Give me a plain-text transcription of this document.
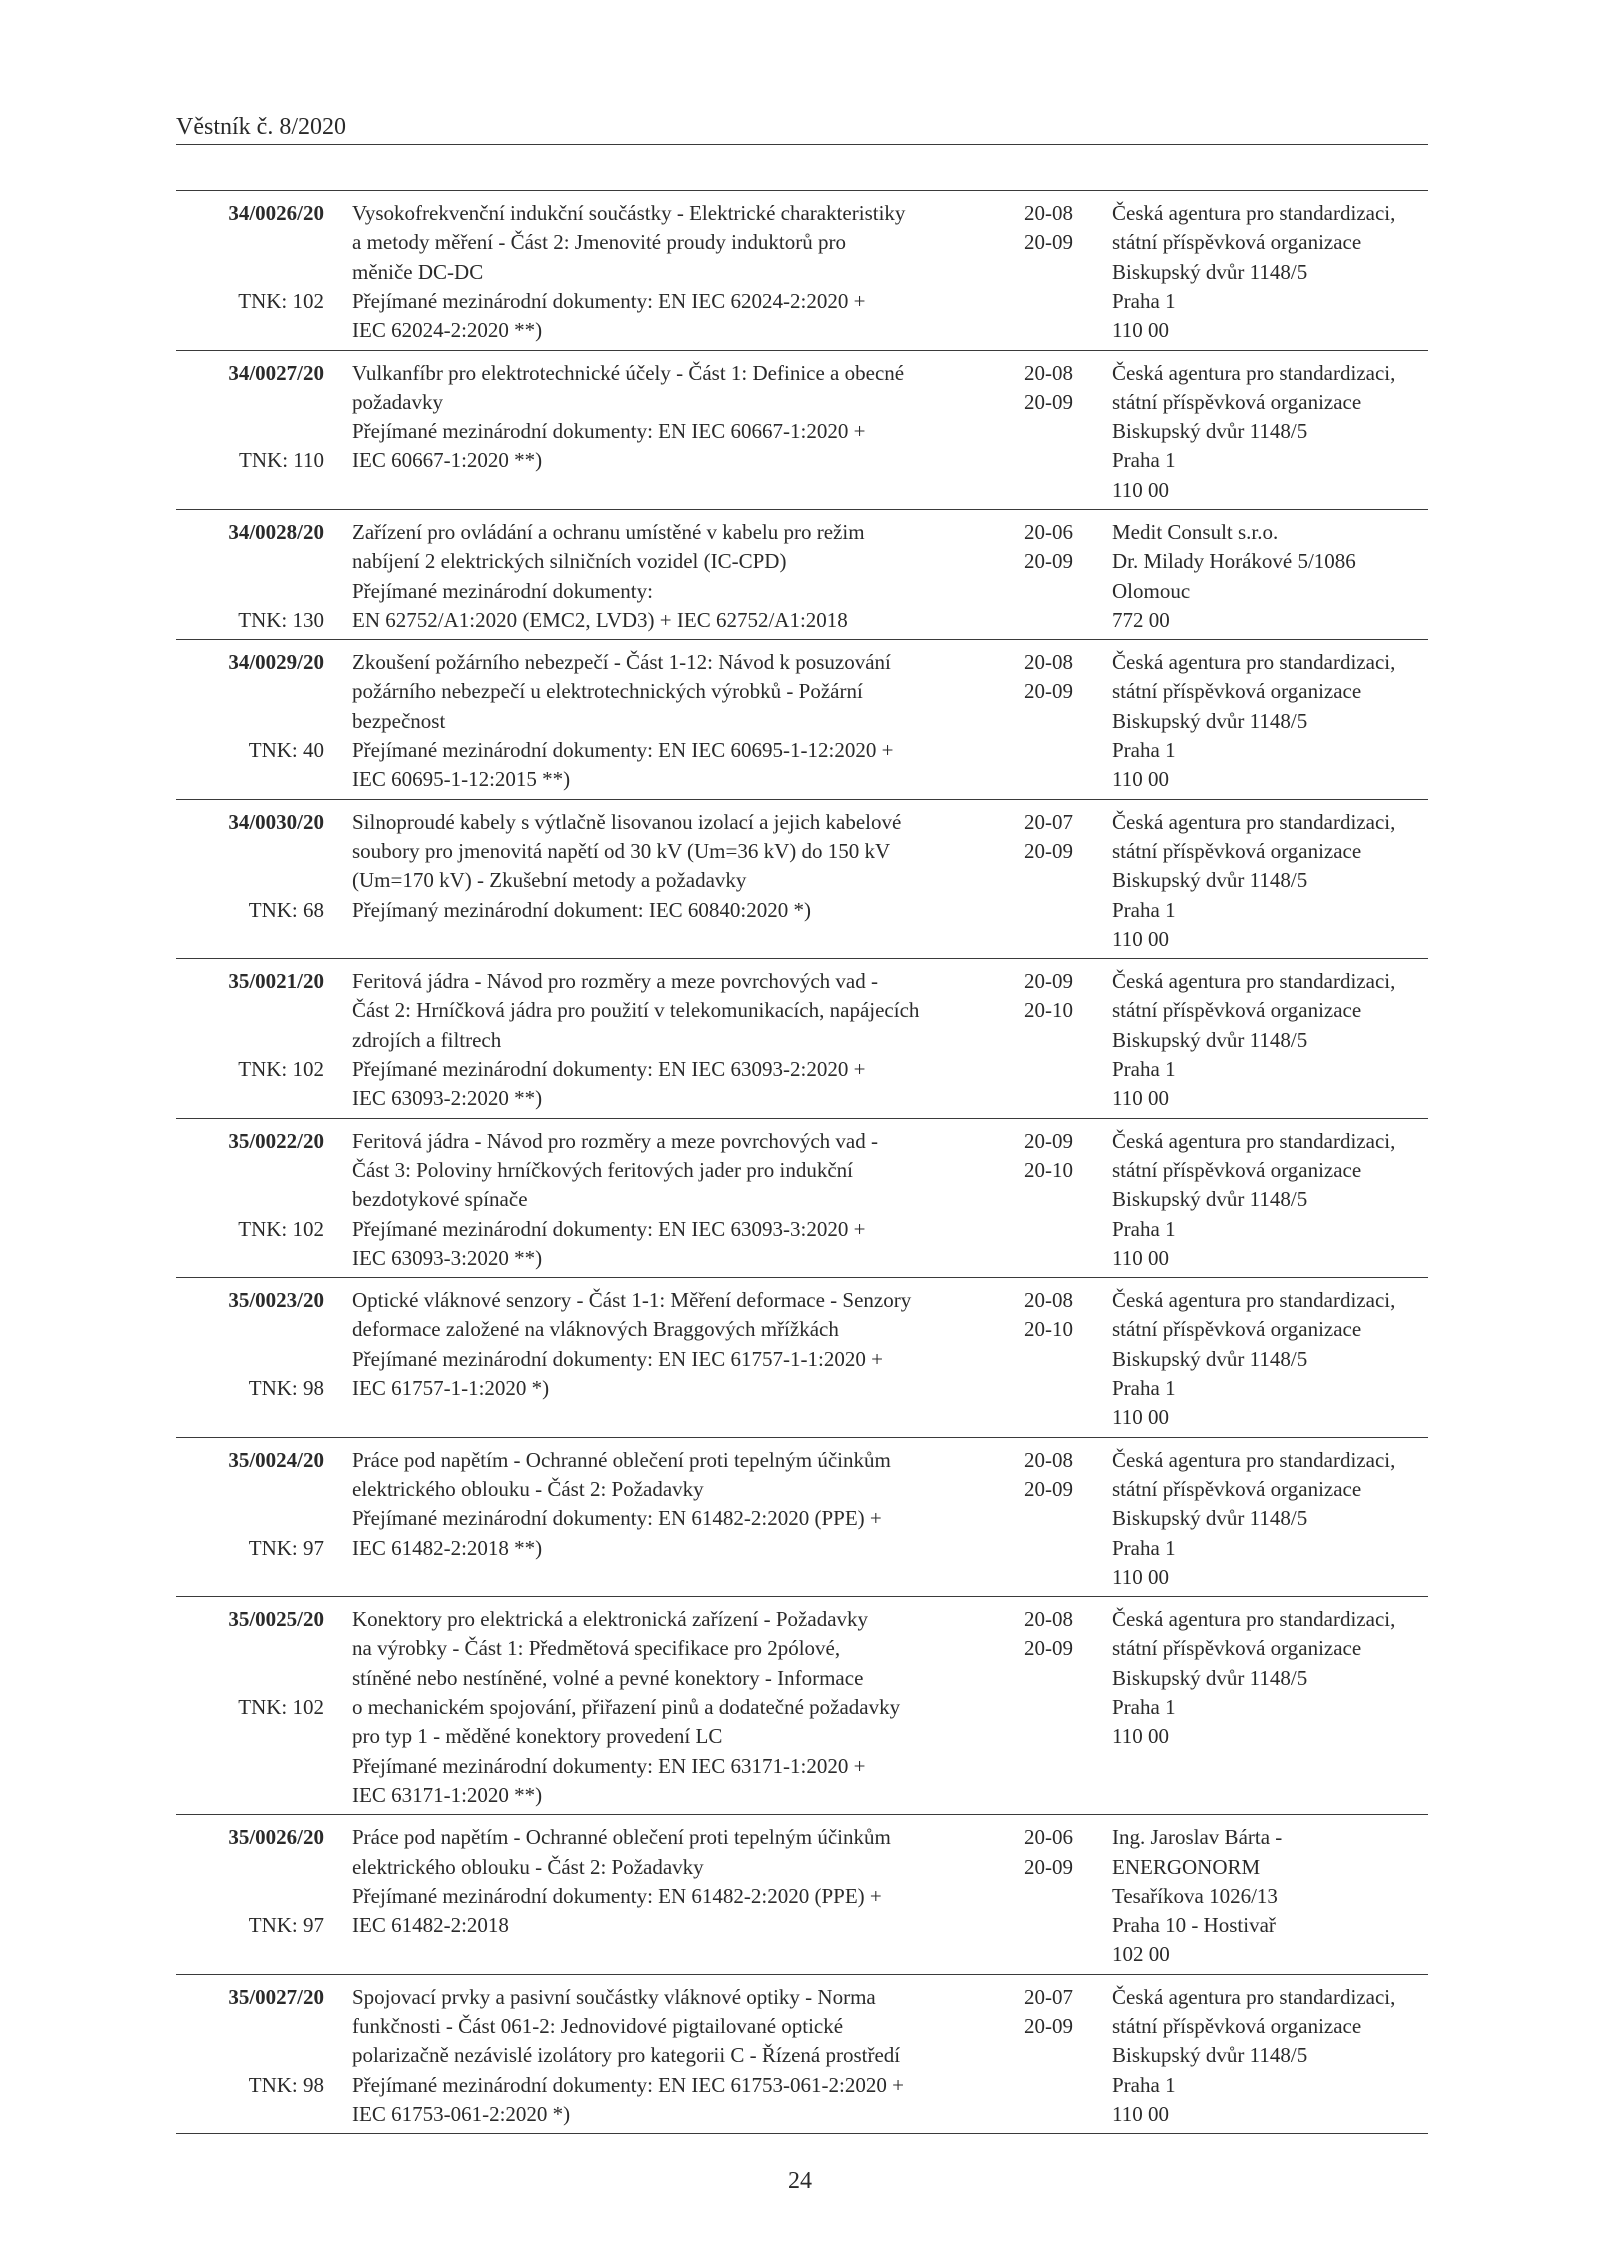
Věstník č. 8/2020
34/0026/20
TNK: 102
Vysokofrekvenční indukční součástky - Elektrické charakteristiky
a metody měření - Část 2: Jmenovité proudy induktorů pro
měniče DC-DC
Přejímané mezinárodní dokumenty: EN IEC 62024-2:2020 +
IEC 62024-2:2020 **)
20-08
20-09
Česká agentura pro standardizaci,
státní příspěvková organizace
Biskupský dvůr 1148/5
Praha 1
110 00
34/0027/20
TNK: 110
Vulkanfíbr pro elektrotechnické účely - Část 1: Definice a obecné
požadavky
Přejímané mezinárodní dokumenty: EN IEC 60667-1:2020 +
IEC 60667-1:2020 **)
20-08
20-09
Česká agentura pro standardizaci,
státní příspěvková organizace
Biskupský dvůr 1148/5
Praha 1
110 00
34/0028/20
TNK: 130
Zařízení pro ovládání a ochranu umístěné v kabelu pro režim
nabíjení 2 elektrických silničních vozidel (IC-CPD)
Přejímané mezinárodní dokumenty:
EN 62752/A1:2020 (EMC2, LVD3) + IEC 62752/A1:2018
20-06
20-09
Medit Consult s.r.o.
Dr. Milady Horákové 5/1086
Olomouc
772 00
34/0029/20
TNK: 40
Zkoušení požárního nebezpečí - Část 1-12: Návod k posuzování
požárního nebezpečí u elektrotechnických výrobků - Požární
bezpečnost
Přejímané mezinárodní dokumenty: EN IEC 60695-1-12:2020 +
IEC 60695-1-12:2015 **)
20-08
20-09
Česká agentura pro standardizaci,
státní příspěvková organizace
Biskupský dvůr 1148/5
Praha 1
110 00
34/0030/20
TNK: 68
Silnoproudé kabely s výtlačně lisovanou izolací a jejich kabelové
soubory pro jmenovitá napětí od 30 kV (Um=36 kV) do 150 kV
(Um=170 kV) - Zkušební metody a požadavky
Přejímaný mezinárodní dokument: IEC 60840:2020 *)
20-07
20-09
Česká agentura pro standardizaci,
státní příspěvková organizace
Biskupský dvůr 1148/5
Praha 1
110 00
35/0021/20
TNK: 102
Feritová jádra - Návod pro rozměry a meze povrchových vad -
Část 2: Hrníčková jádra pro použití v telekomunikacích, napájecích
zdrojích a filtrech
Přejímané mezinárodní dokumenty: EN IEC 63093-2:2020 +
IEC 63093-2:2020 **)
20-09
20-10
Česká agentura pro standardizaci,
státní příspěvková organizace
Biskupský dvůr 1148/5
Praha 1
110 00
35/0022/20
TNK: 102
Feritová jádra - Návod pro rozměry a meze povrchových vad -
Část 3: Poloviny hrníčkových feritových jader pro indukční
bezdotykové spínače
Přejímané mezinárodní dokumenty: EN IEC 63093-3:2020 +
IEC 63093-3:2020 **)
20-09
20-10
Česká agentura pro standardizaci,
státní příspěvková organizace
Biskupský dvůr 1148/5
Praha 1
110 00
35/0023/20
TNK: 98
Optické vláknové senzory - Část 1-1: Měření deformace - Senzory
deformace založené na vláknových Braggových mřížkách
Přejímané mezinárodní dokumenty: EN IEC 61757-1-1:2020 +
IEC 61757-1-1:2020 *)
20-08
20-10
Česká agentura pro standardizaci,
státní příspěvková organizace
Biskupský dvůr 1148/5
Praha 1
110 00
35/0024/20
TNK: 97
Práce pod napětím - Ochranné oblečení proti tepelným účinkům
elektrického oblouku - Část 2: Požadavky
Přejímané mezinárodní dokumenty: EN 61482-2:2020 (PPE) +
IEC 61482-2:2018 **)
20-08
20-09
Česká agentura pro standardizaci,
státní příspěvková organizace
Biskupský dvůr 1148/5
Praha 1
110 00
35/0025/20
TNK: 102
Konektory pro elektrická a elektronická zařízení - Požadavky
na výrobky - Část 1: Předmětová specifikace pro 2pólové,
stíněné nebo nestíněné, volné a pevné konektory - Informace
o mechanickém spojování, přiřazení pinů a dodatečné požadavky
pro typ 1 - měděné konektory provedení LC
Přejímané mezinárodní dokumenty: EN IEC 63171-1:2020 +
IEC 63171-1:2020 **)
20-08
20-09
Česká agentura pro standardizaci,
státní příspěvková organizace
Biskupský dvůr 1148/5
Praha 1
110 00
35/0026/20
TNK: 97
Práce pod napětím - Ochranné oblečení proti tepelným účinkům
elektrického oblouku - Část 2: Požadavky
Přejímané mezinárodní dokumenty: EN 61482-2:2020 (PPE) +
IEC 61482-2:2018
20-06
20-09
Ing. Jaroslav Bárta -
ENERGONORM
Tesaříkova 1026/13
Praha 10 - Hostivař
102 00
35/0027/20
TNK: 98
Spojovací prvky a pasivní součástky vláknové optiky - Norma
funkčnosti - Část 061-2: Jednovidové pigtailované optické
polarizačně nezávislé izolátory pro kategorii C - Řízená prostředí
Přejímané mezinárodní dokumenty: EN IEC 61753-061-2:2020 +
IEC 61753-061-2:2020 *)
20-07
20-09
Česká agentura pro standardizaci,
státní příspěvková organizace
Biskupský dvůr 1148/5
Praha 1
110 00
24
